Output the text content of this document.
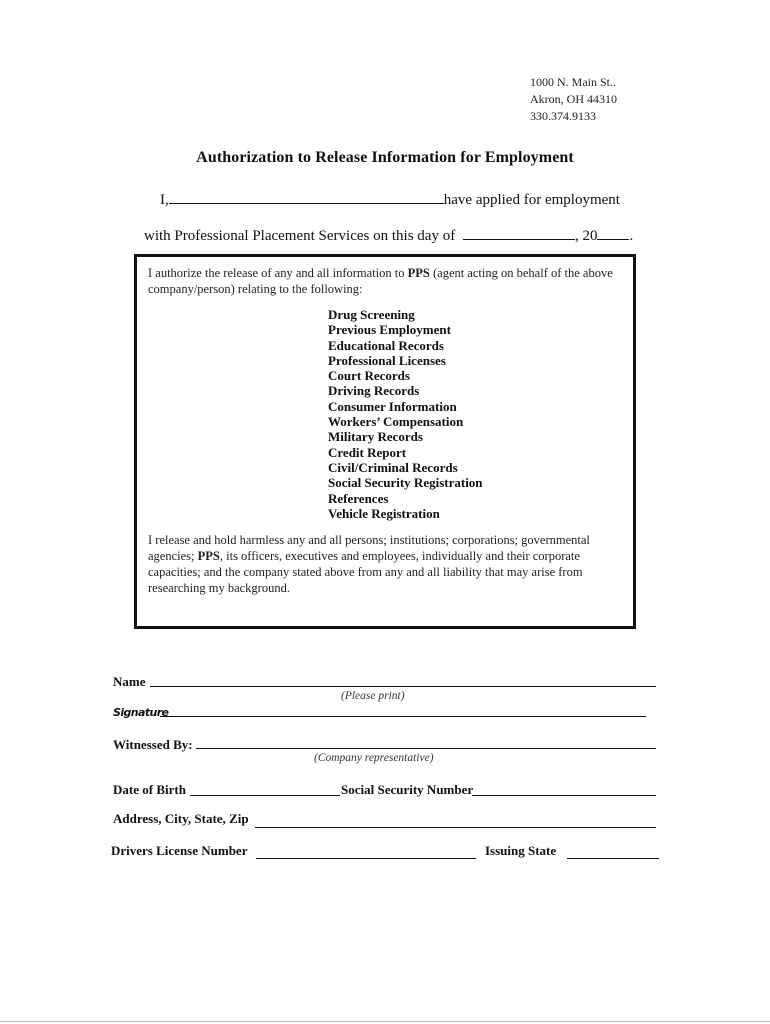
1000 N. Main St..
Akron, OH 44310
330.374.9133
Authorization to Release Information for Employment
I,	have applied for employment
with Professional Placement Services on this day of	, 20 .
I authorize the release of any and all information to PPS (agent acting on behalf of the above company/person) relating to the following:
Drug Screening
Previous Employment
Educational Records
Professional Licenses
Court Records
Driving Records
Consumer Information
Workers’ Compensation
Military Records
Credit Report
Civil/Criminal Records
Social Security Registration
References
Vehicle Registration
I release and hold harmless any and all persons; institutions; corporations; governmental agencies; PPS, its officers, executives and employees, individually and their corporate capacities; and the company stated above from any and all liability that may arise from researching my background.
Name
(Please print)
Signature
Witnessed By:
(Company representative)
Date of Birth	Social Security Number
Address, City, State, Zip
Drivers License Number	Issuing State
